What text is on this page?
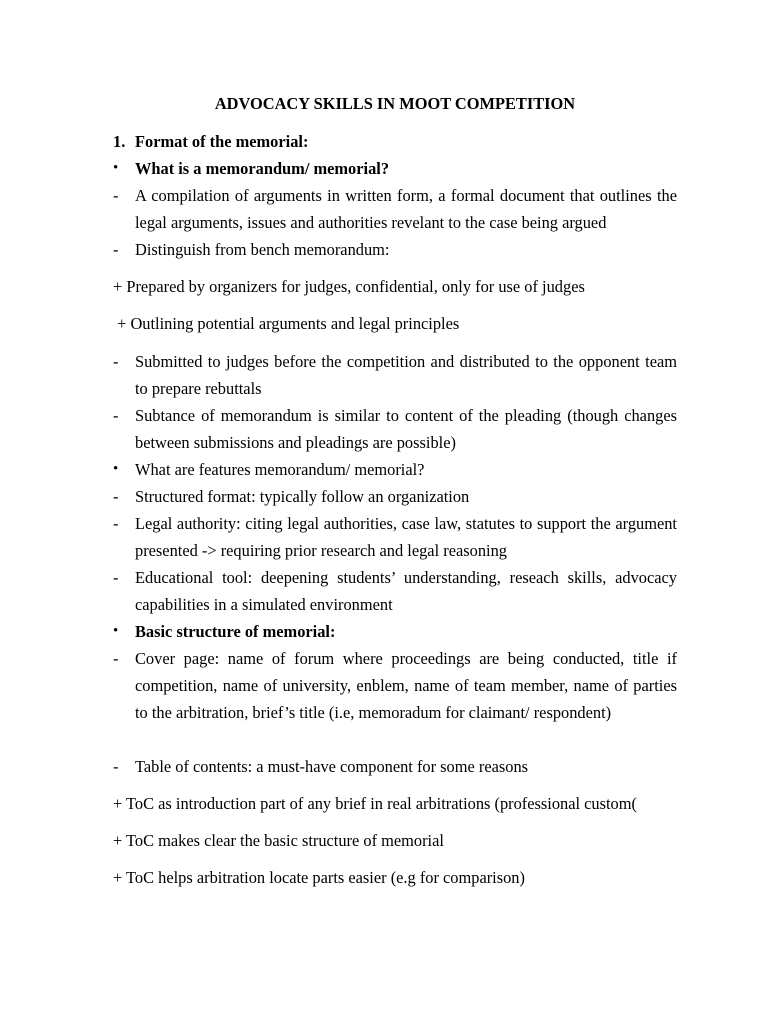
ADVOCACY SKILLS IN MOOT COMPETITION
1. Format of the memorial:
•	What is a memorandum/ memorial?
-	A compilation of arguments in written form, a formal document that outlines the legal arguments, issues and authorities revelant to the case being argued
-	Distinguish from bench memorandum:
+ Prepared by organizers for judges, confidential, only for use of judges
+ Outlining potential arguments and legal principles
-	Submitted to judges before the competition and distributed to the opponent team to prepare rebuttals
-	Subtance of memorandum is similar to content of the pleading (though changes between submissions and pleadings are possible)
•	What are features memorandum/ memorial?
-	Structured format: typically follow an organization
-	Legal authority: citing legal authorities, case law, statutes to support the argument presented -> requiring prior research and legal reasoning
-	Educational tool: deepening students’ understanding, reseach skills, advocacy capabilities in a simulated environment
•	Basic structure of memorial:
-	Cover page: name of forum where proceedings are being conducted, title if competition, name of university, enblem, name of team member, name of parties to the arbitration, brief’s title (i.e, memoradum for claimant/ respondent)
-	Table of contents: a must-have component for some reasons
+ ToC as introduction part of any brief in real arbitrations (professional custom(
+ ToC makes clear the basic structure of memorial
+ ToC helps arbitration locate parts easier (e.g for comparison)
